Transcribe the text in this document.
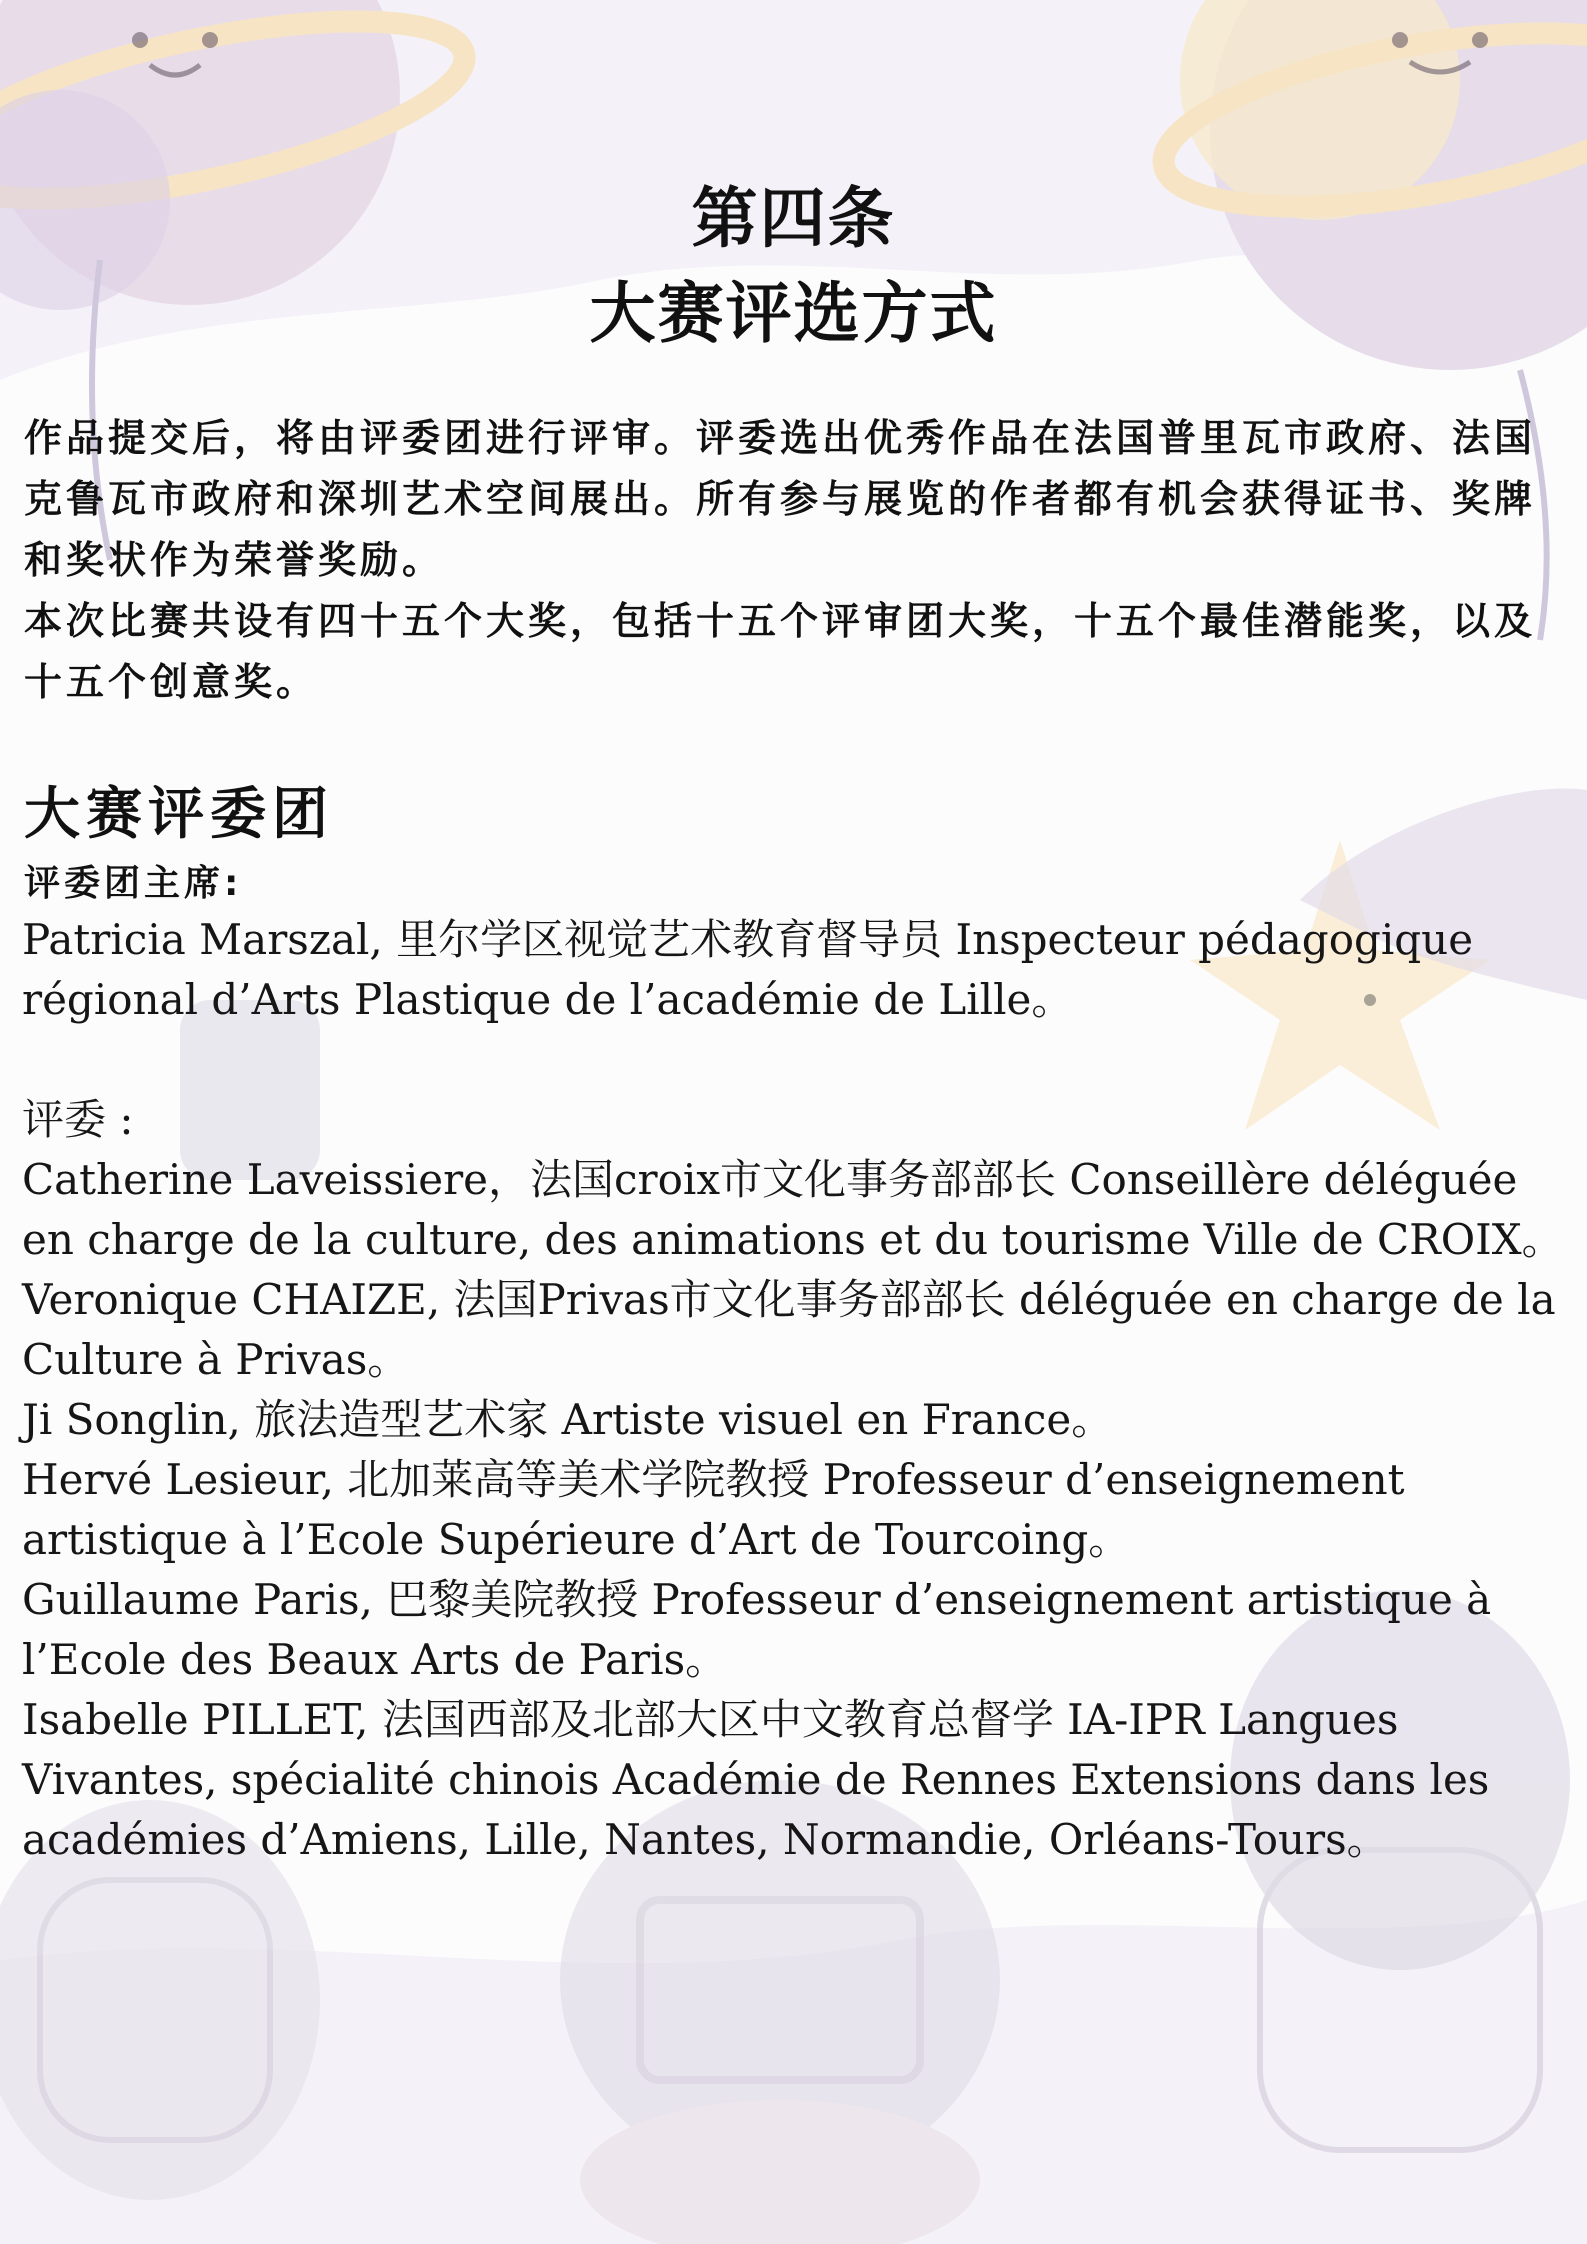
第四条
大赛评选方式

作品提交后，将由评委团进行评审。评委选出优秀作品在法国普里瓦市政府、法国克鲁瓦市政府和深圳艺术空间展出。所有参与展览的作者都有机会获得证书、奖牌和奖状作为荣誉奖励。

本次比赛共设有四十五个大奖，包括十五个评审团大奖，十五个最佳潜能奖，以及十五个创意奖。

大赛评委团
评委团主席:
Patricia Marszal, 里尔学区视觉艺术教育督导员 Inspecteur pédagogique régional d’Arts Plastique de l’académie de Lille。
评委 :

Catherine Laveissiere，法国croix市文化事务部部长 Conseillère déléguée en charge de la culture, des animations et du tourisme Ville de CROIX。

Veronique CHAIZE, 法国Privas市文化事务部部长 déléguée en charge de la Culture à Privas。

Ji Songlin, 旅法造型艺术家 Artiste visuel en France。

Hervé Lesieur, 北加莱高等美术学院教授 Professeur d’enseignement artistique à l’Ecole Supérieure d’Art de Tourcoing。

Guillaume Paris, 巴黎美院教授 Professeur d’enseignement artistique à l’Ecole des Beaux Arts de Paris。

Isabelle PILLET, 法国西部及北部大区中文教育总督学 IA-IPR Langues Vivantes, spécialité chinois Académie de Rennes Extensions dans les académies d’Amiens, Lille, Nantes, Normandie, Orléans-Tours。
